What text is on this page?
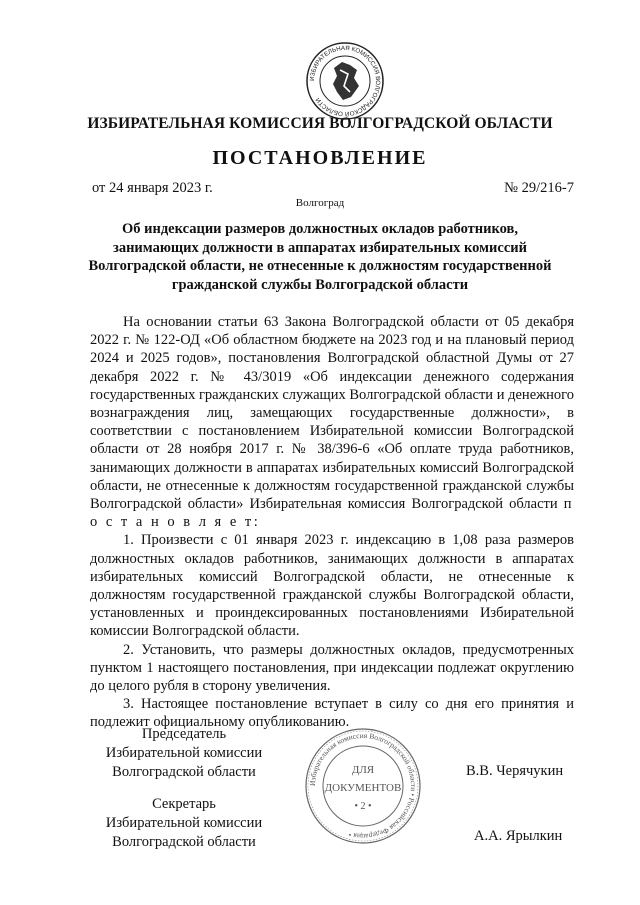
ИЗБИРАТЕЛЬНАЯ КОМИССИЯ ВОЛГОГРАДСКОЙ ОБЛАСТИ
ИЗБИРАТЕЛЬНАЯ КОМИССИЯ ВОЛГОГРАДСКОЙ ОБЛАСТИ
ПОСТАНОВЛЕНИЕ
от 24 января 2023 г.	№ 29/216-7
Волгоград
Об индексации размеров должностных окладов работников, занимающих должности в аппаратах избирательных комиссий Волгоградской области, не отнесенные к должностям государственной гражданской службы Волгоградской области

На основании статьи 63 Закона Волгоградской области от 05 декабря 2022 г. № 122-ОД «Об областном бюджете на 2023 год и на плановый период 2024 и 2025 годов», постановления Волгоградской областной Думы от 27 декабря 2022 г. № 43/3019 «Об индексации денежного содержания государственных гражданских служащих Волгоградской области и денежного вознаграждения лиц, замещающих государственные должности», в соответствии с постановлением Избирательной комиссии Волгоградской области от 28 ноября 2017 г. № 38/396-6 «Об оплате труда работников, занимающих должности в аппаратах избирательных комиссий Волгоградской области, не отнесенные к должностям государственной гражданской службы Волгоградской области» Избирательная комиссия Волгоградской области п о с т а н о в л я е т:

1. Произвести с 01 января 2023 г. индексацию в 1,08 раза размеров должностных окладов работников, занимающих должности в аппаратах избирательных комиссий Волгоградской области, не отнесенные к должностям государственной гражданской службы Волгоградской области, установленных и проиндексированных постановлениями Избирательной комиссии Волгоградской области.

2. Установить, что размеры должностных окладов, предусмотренных пунктом 1 настоящего постановления, при индексации подлежат округлению до целого рубля в сторону увеличения.

3. Настоящее постановление вступает в силу со дня его принятия и подлежит официальному опубликованию.

Председатель
Избирательной комиссии
Волгоградской области	В.В. Черячукин
Секретарь
Избирательной комиссии
Волгоградской области	А.А. Ярылкин
Избирательная комиссия Волгоградской области • Российская Федерация •
ДЛЯ
ДОКУМЕНТОВ
• 2 •
